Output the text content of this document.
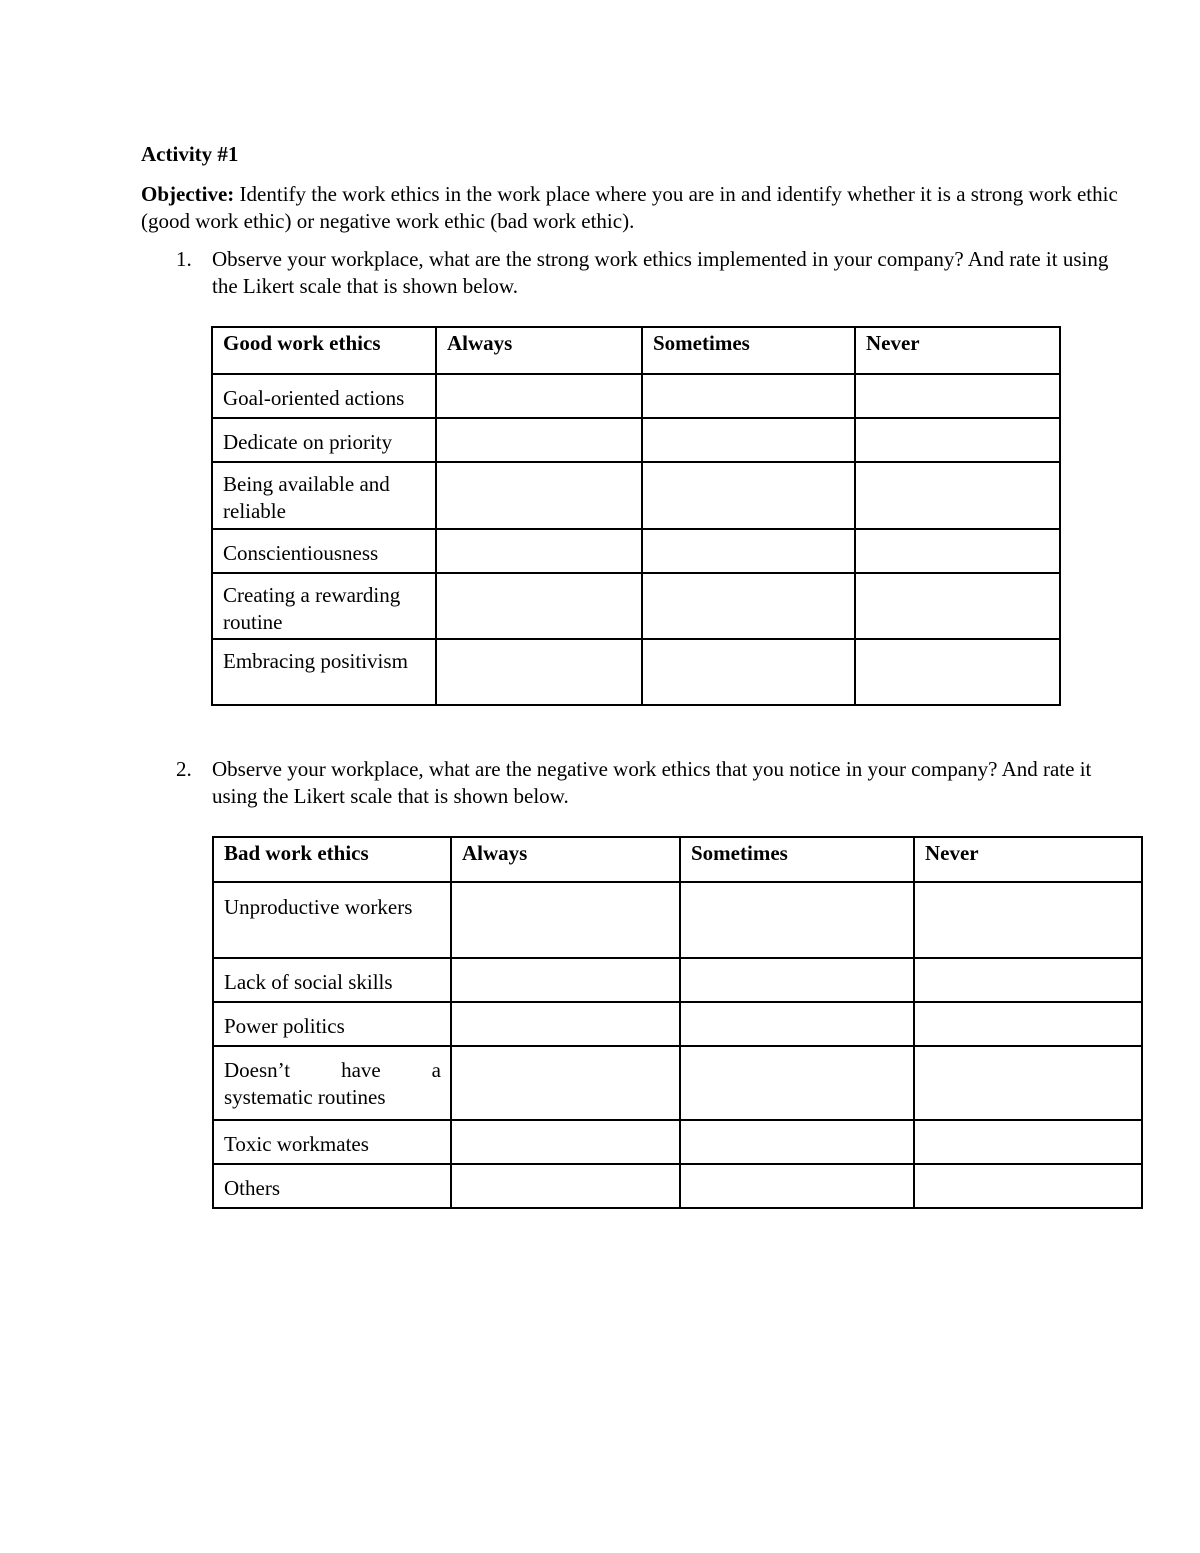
Activity #1

Objective: Identify the work ethics in the work place where you are in and identify whether it is a strong work ethic (good work ethic) or negative work ethic (bad work ethic).

1. Observe your workplace, what are the strong work ethics implemented in your company? And rate it using the Likert scale that is shown below.
Good work ethics	Always	Sometimes	Never
Goal-oriented actions			
Dedicate on priority			
Being available and reliable			
Conscientiousness			
Creating a rewarding routine			
Embracing positivism			
2. Observe your workplace, what are the negative work ethics that you notice in your company? And rate it using the Likert scale that is shown below.
Bad work ethics	Always	Sometimes	Never
Unproductive workers			
Lack of social skills			
Power politics			

Doesn’t have a
systematic routines			

Toxic workmates			
Others			
